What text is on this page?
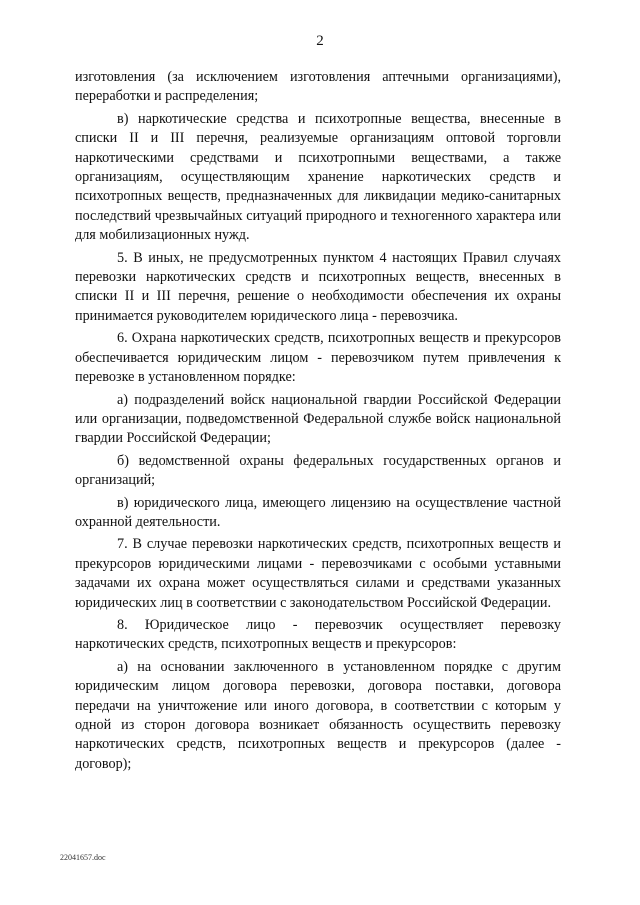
2

изготовления (за исключением изготовления аптечными организациями), переработки и распределения;

в) наркотические средства и психотропные вещества, внесенные в списки II и III перечня, реализуемые организациям оптовой торговли наркотическими средствами и психотропными веществами, а также организациям, осуществляющим хранение наркотических средств и психотропных веществ, предназначенных для ликвидации медико-санитарных последствий чрезвычайных ситуаций природного и техногенного характера или для мобилизационных нужд.

5. В иных, не предусмотренных пунктом 4 настоящих Правил случаях перевозки наркотических средств и психотропных веществ, внесенных в списки II и III перечня, решение о необходимости обеспечения их охраны принимается руководителем юридического лица - перевозчика.

6. Охрана наркотических средств, психотропных веществ и прекурсоров обеспечивается юридическим лицом - перевозчиком путем привлечения к перевозке в установленном порядке:

а) подразделений войск национальной гвардии Российской Федерации или организации, подведомственной Федеральной службе войск национальной гвардии Российской Федерации;

б) ведомственной охраны федеральных государственных органов и организаций;

в) юридического лица, имеющего лицензию на осуществление частной охранной деятельности.

7. В случае перевозки наркотических средств, психотропных веществ и прекурсоров юридическими лицами - перевозчиками с особыми уставными задачами их охрана может осуществляться силами и средствами указанных юридических лиц в соответствии с законодательством Российской Федерации.

8. Юридическое лицо - перевозчик осуществляет перевозку наркотических средств, психотропных веществ и прекурсоров:

а) на основании заключенного в установленном порядке с другим юридическим лицом договора перевозки, договора поставки, договора передачи на уничтожение или иного договора, в соответствии с которым у одной из сторон договора возникает обязанность осуществить перевозку наркотических средств, психотропных веществ и прекурсоров (далее - договор);

22041657.doc
